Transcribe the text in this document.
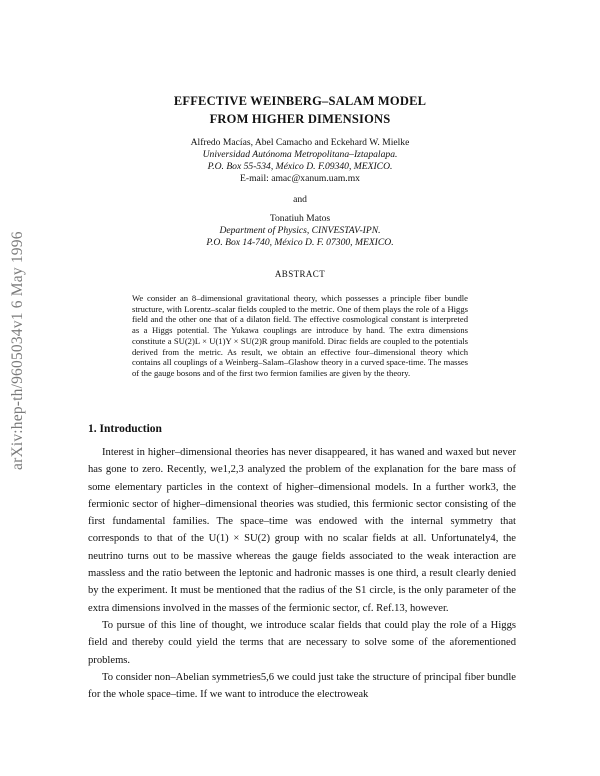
arXiv:hep-th/9605034v1 6 May 1996
EFFECTIVE WEINBERG–SALAM MODEL
FROM HIGHER DIMENSIONS
Alfredo Macías, Abel Camacho and Eckehard W. Mielke
Universidad Autónoma Metropolitana–Iztapalapa.
P.O. Box 55-534, México D. F.09340, MEXICO.
E-mail: amac@xanum.uam.mx
and
Tonatiuh Matos
Department of Physics, CINVESTAV-IPN.
P.O. Box 14-740, México D. F. 07300, MEXICO.
ABSTRACT

We consider an 8–dimensional gravitational theory, which possesses a principle fiber bundle structure, with Lorentz–scalar fields coupled to the metric. One of them plays the role of a Higgs field and the other one that of a dilaton field. The effective cosmological constant is interpreted as a Higgs potential. The Yukawa couplings are introduce by hand. The extra dimensions constitute a SU(2)L × U(1)Y × SU(2)R group manifold. Dirac fields are coupled to the potentials derived from the metric. As result, we obtain an effective four–dimensional theory which contains all couplings of a Weinberg–Salam–Glashow theory in a curved space-time. The masses of the gauge bosons and of the first two fermion families are given by the theory.

1. Introduction

Interest in higher–dimensional theories has never disappeared, it has waned and waxed but never has gone to zero. Recently, we1,2,3 analyzed the problem of the explanation for the bare mass of some elementary particles in the context of higher–dimensional models. In a further work3, the fermionic sector of higher–dimensional theories was studied, this fermionic sector consisting of the first fundamental families. The space–time was endowed with the internal symmetry that corresponds to that of the U(1) × SU(2) group with no scalar fields at all. Unfortunately4, the neutrino turns out to be massive whereas the gauge fields associated to the weak interaction are massless and the ratio between the leptonic and hadronic masses is one third, a result clearly denied by the experiment. It must be mentioned that the radius of the S1 circle, is the only parameter of the extra dimensions involved in the masses of the fermionic sector, cf. Ref.13, however.

To pursue of this line of thought, we introduce scalar fields that could play the role of a Higgs field and thereby could yield the terms that are necessary to solve some of the aforementioned problems.

To consider non–Abelian symmetries5,6 we could just take the structure of principal fiber bundle for the whole space–time. If we want to introduce the electroweak
